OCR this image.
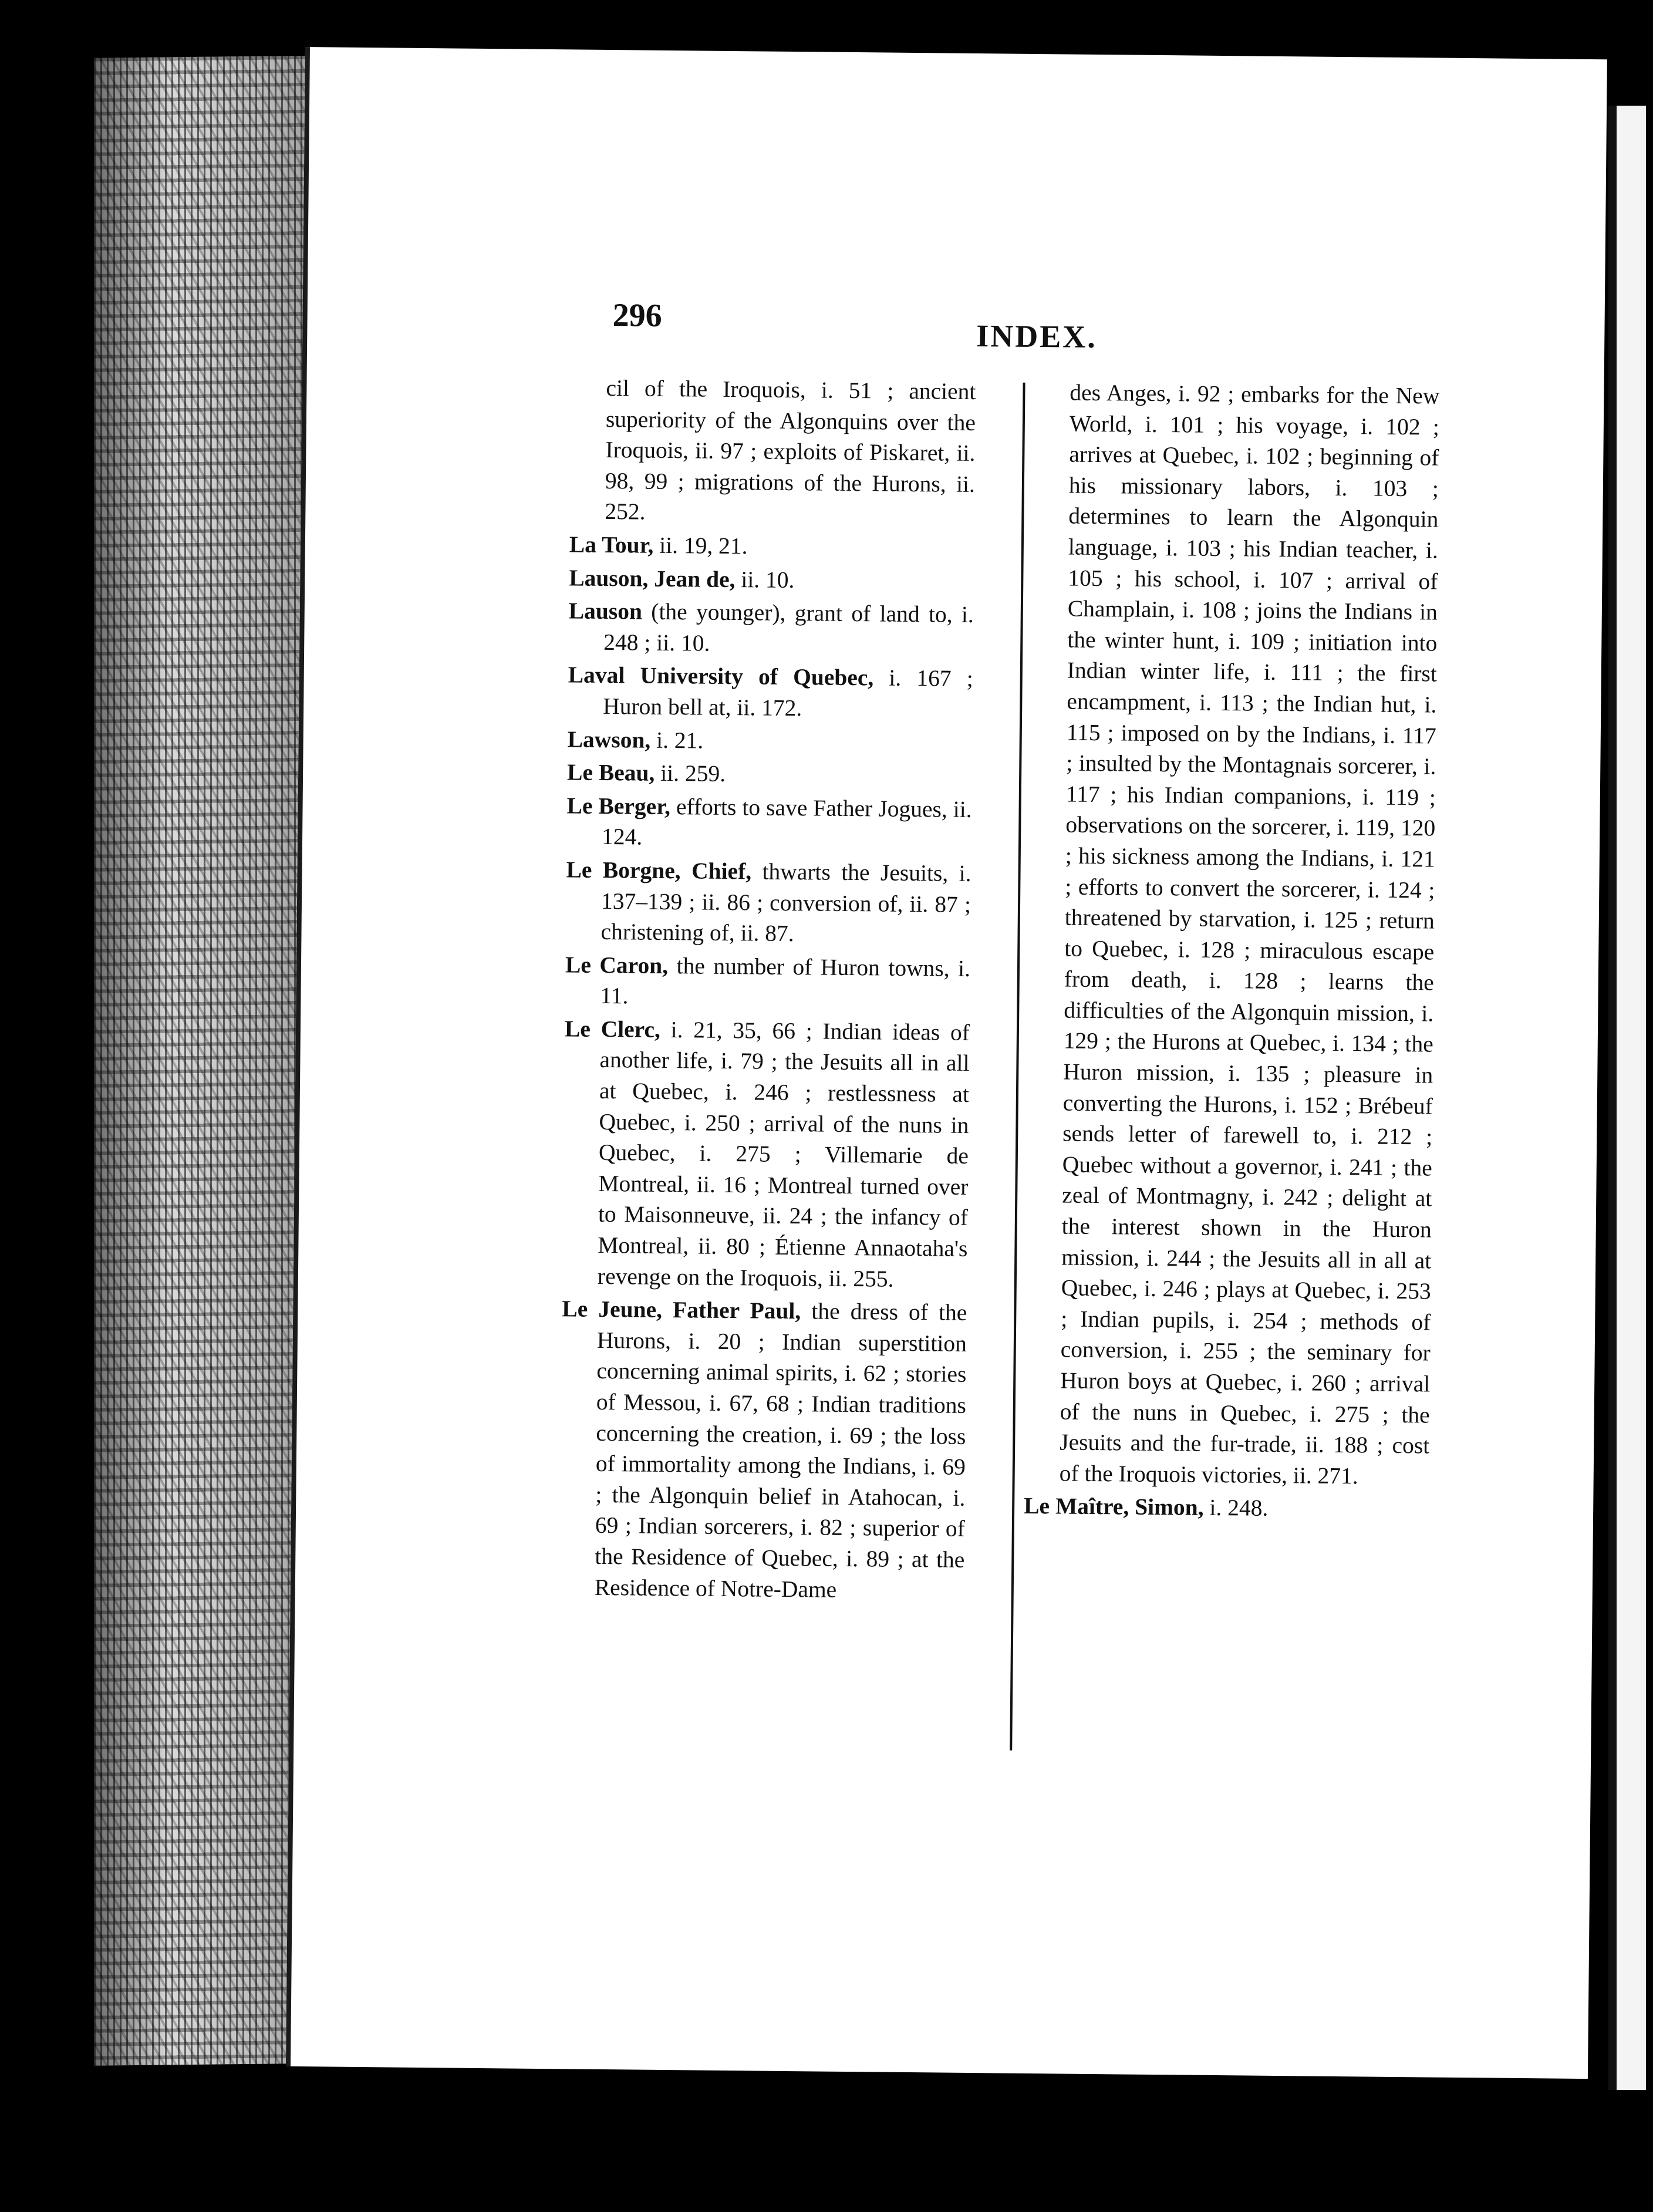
296
INDEX.

cil of the Iroquois, i. 51 ; ancient superiority of the Algonquins over the Iroquois, ii. 97 ; exploits of Piskaret, ii. 98, 99 ; migrations of the Hurons, ii. 252.

La Tour, ii. 19, 21.

Lauson, Jean de, ii. 10.

Lauson (the younger), grant of land to, i. 248 ; ii. 10.

Laval University of Quebec, i. 167 ; Huron bell at, ii. 172.

Lawson, i. 21.

Le Beau, ii. 259.

Le Berger, efforts to save Father Jogues, ii. 124.

Le Borgne, Chief, thwarts the Jesuits, i. 137–139 ; ii. 86 ; conversion of, ii. 87 ; christening of, ii. 87.

Le Caron, the number of Huron towns, i. 11.

Le Clerc, i. 21, 35, 66 ; Indian ideas of another life, i. 79 ; the Jesuits all in all at Quebec, i. 246 ; restlessness at Quebec, i. 250 ; arrival of the nuns in Quebec, i. 275 ; Villemarie de Montreal, ii. 16 ; Montreal turned over to Maisonneuve, ii. 24 ; the infancy of Montreal, ii. 80 ; Étienne Annaotaha's revenge on the Iroquois, ii. 255.

Le Jeune, Father Paul, the dress of the Hurons, i. 20 ; Indian superstition concerning animal spirits, i. 62 ; stories of Messou, i. 67, 68 ; Indian traditions concerning the creation, i. 69 ; the loss of immortality among the Indians, i. 69 ; the Algonquin belief in Atahocan, i. 69 ; Indian sorcerers, i. 82 ; superior of the Residence of Quebec, i. 89 ; at the Residence of Notre-Dame

des Anges, i. 92 ; embarks for the New World, i. 101 ; his voyage, i. 102 ; arrives at Quebec, i. 102 ; beginning of his missionary labors, i. 103 ; determines to learn the Algonquin language, i. 103 ; his Indian teacher, i. 105 ; his school, i. 107 ; arrival of Champlain, i. 108 ; joins the Indians in the winter hunt, i. 109 ; initiation into Indian winter life, i. 111 ; the first encampment, i. 113 ; the Indian hut, i. 115 ; imposed on by the Indians, i. 117 ; insulted by the Montagnais sorcerer, i. 117 ; his Indian companions, i. 119 ; observations on the sorcerer, i. 119, 120 ; his sickness among the Indians, i. 121 ; efforts to convert the sorcerer, i. 124 ; threatened by starvation, i. 125 ; return to Quebec, i. 128 ; miraculous escape from death, i. 128 ; learns the difficulties of the Algonquin mission, i. 129 ; the Hurons at Quebec, i. 134 ; the Huron mission, i. 135 ; pleasure in converting the Hurons, i. 152 ; Brébeuf sends letter of farewell to, i. 212 ; Quebec without a governor, i. 241 ; the zeal of Montmagny, i. 242 ; delight at the interest shown in the Huron mission, i. 244 ; the Jesuits all in all at Quebec, i. 246 ; plays at Quebec, i. 253 ; Indian pupils, i. 254 ; methods of conversion, i. 255 ; the seminary for Huron boys at Quebec, i. 260 ; arrival of the nuns in Quebec, i. 275 ; the Jesuits and the fur-trade, ii. 188 ; cost of the Iroquois victories, ii. 271.

Le Maître, Simon, i. 248.
